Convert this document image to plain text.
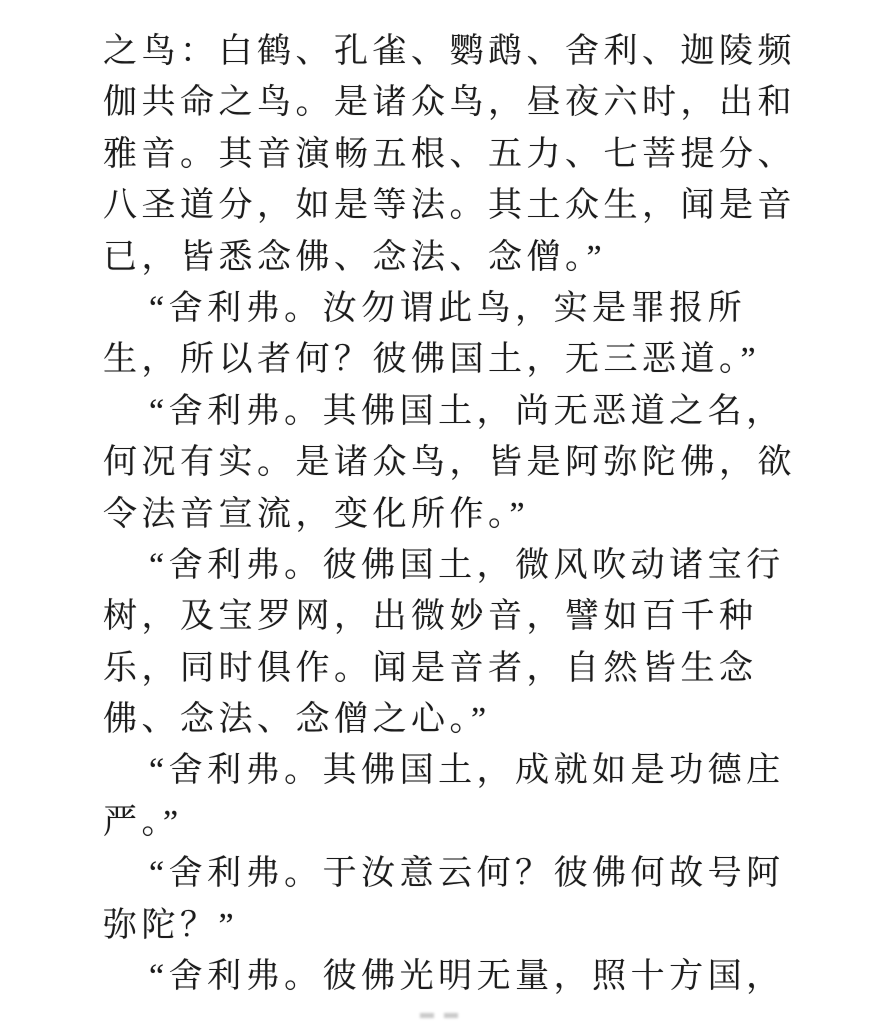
之鸟：白鹤、孔雀、鹦鹉、舍利、迦陵频
伽共命之鸟。是诸众鸟，昼夜六时，出和
雅音。其音演畅五根、五力、七菩提分、
八圣道分，如是等法。其土众生，闻是音
已，皆悉念佛、念法、念僧。”
“舍利弗。汝勿谓此鸟，实是罪报所
生，所以者何？彼佛国土，无三恶道。”
“舍利弗。其佛国土，尚无恶道之名，
何况有实。是诸众鸟，皆是阿弥陀佛，欲
令法音宣流，变化所作。”
“舍利弗。彼佛国土，微风吹动诸宝行
树，及宝罗网，出微妙音，譬如百千种
乐，同时俱作。闻是音者，自然皆生念
佛、念法、念僧之心。”
“舍利弗。其佛国土，成就如是功德庄
严。”
“舍利弗。于汝意云何？彼佛何故号阿
弥陀？”
“舍利弗。彼佛光明无量，照十方国，
